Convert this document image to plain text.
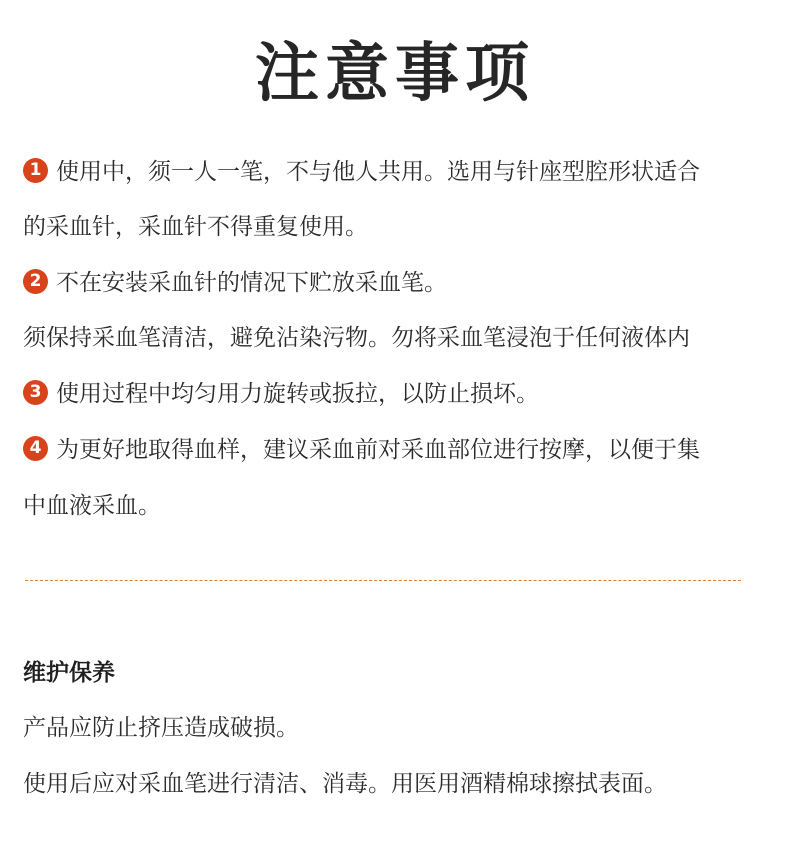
注意事项
1 使用中，须一人一笔，不与他人共用。选用与针座型腔形状适合
的采血针，采血针不得重复使用。
2 不在安装采血针的情况下贮放采血笔。
须保持采血笔清洁，避免沾染污物。勿将采血笔浸泡于任何液体内
3 使用过程中均匀用力旋转或扳拉，以防止损坏。
4 为更好地取得血样，建议采血前对采血部位进行按摩，以便于集
中血液采血。
维护保养
产品应防止挤压造成破损。
使用后应对采血笔进行清洁、消毒。用医用酒精棉球擦拭表面。
